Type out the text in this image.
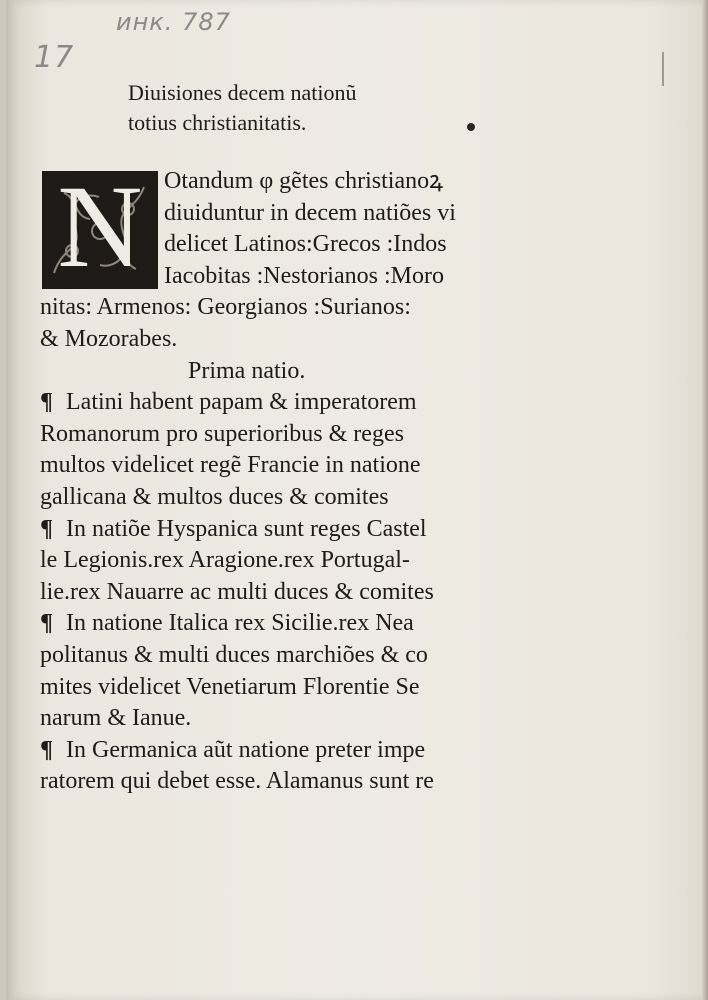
инк. 787
17
Diuisiones decem nationũ
totius christianitatis.
N Otandum φ gẽtes christianoꝝ
diuiduntur in decem natiões vi
delicet Latinos:Grecos :Indos
Iacobitas :Nestorianos :Moro
nitas: Armenos: Georgianos :Surianos:
& Mozorabes.
Prima natio.
¶ Latini habent papam & imperatorem
Romanorum pro superioribus & reges
multos videlicet regẽ Francie in natione
gallicana & multos duces & comites
¶ In natiõe Hyspanica sunt reges Castel
le Legionis.rex Aragione.rex Portugal-
lie.rex Nauarre ac multi duces & comites
¶ In natione Italica rex Sicilie.rex Nea
politanus & multi duces marchiões & co
mites videlicet Venetiarum Florentie Se
narum & Ianue.
¶ In Germanica aũt natione preter impe
ratorem qui debet esse. Alamanus sunt re
